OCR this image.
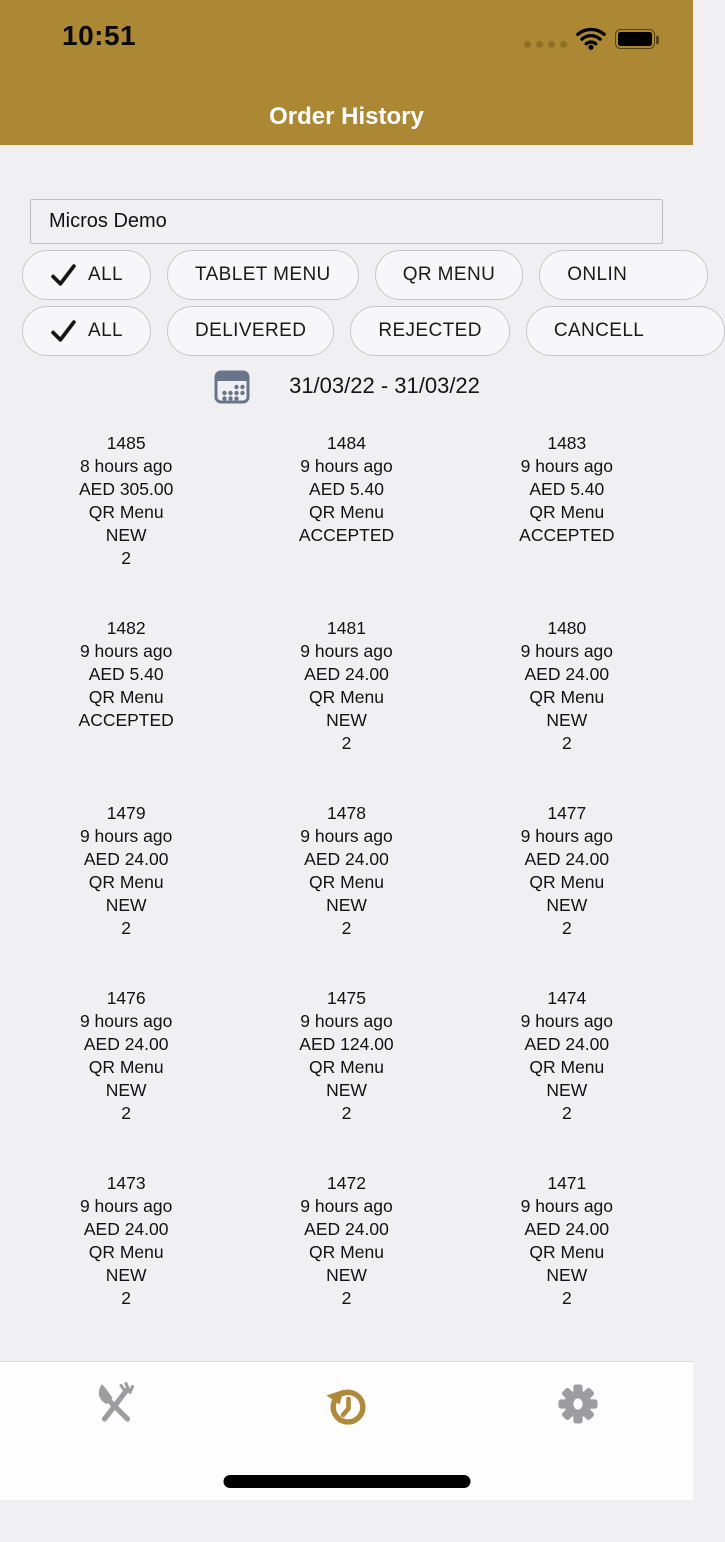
10:51
Order History
Micros Demo
ALL	TABLET MENU	QR MENU	ONLIN
ALL	DELIVERED	REJECTED	CANCELL
31/03/22 - 31/03/22
1485
8 hours ago
AED 305.00
QR Menu
NEW
2
1484
9 hours ago
AED 5.40
QR Menu
ACCEPTED
1483
9 hours ago
AED 5.40
QR Menu
ACCEPTED
1482
9 hours ago
AED 5.40
QR Menu
ACCEPTED
1481
9 hours ago
AED 24.00
QR Menu
NEW
2
1480
9 hours ago
AED 24.00
QR Menu
NEW
2
1479
9 hours ago
AED 24.00
QR Menu
NEW
2
1478
9 hours ago
AED 24.00
QR Menu
NEW
2
1477
9 hours ago
AED 24.00
QR Menu
NEW
2
1476
9 hours ago
AED 24.00
QR Menu
NEW
2
1475
9 hours ago
AED 124.00
QR Menu
NEW
2
1474
9 hours ago
AED 24.00
QR Menu
NEW
2
1473
9 hours ago
AED 24.00
QR Menu
NEW
2
1472
9 hours ago
AED 24.00
QR Menu
NEW
2
1471
9 hours ago
AED 24.00
QR Menu
NEW
2
